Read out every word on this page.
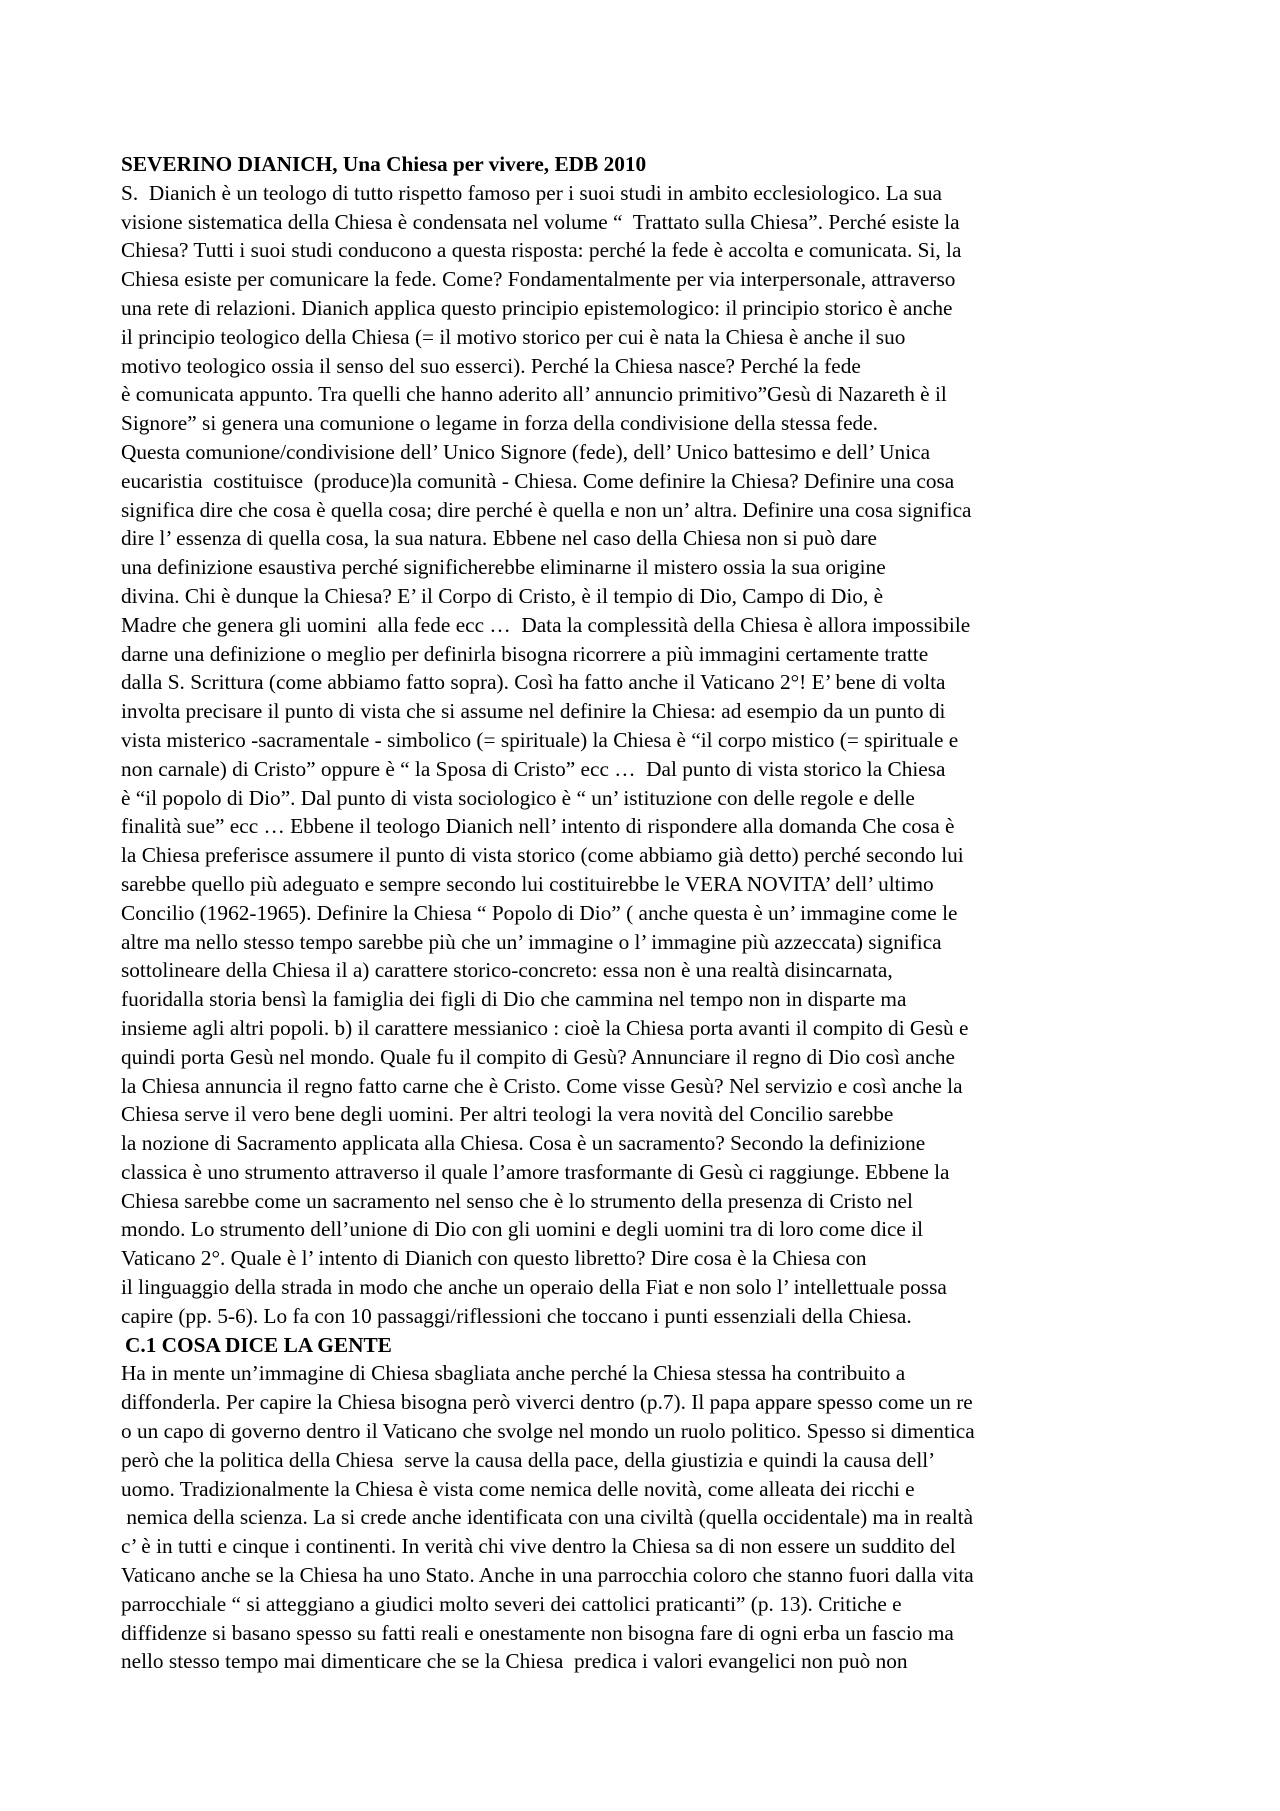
SEVERINO DIANICH, Una Chiesa per vivere, EDB 2010
S.  Dianich è un teologo di tutto rispetto famoso per i suoi studi in ambito ecclesiologico. La sua
visione sistematica della Chiesa è condensata nel volume “  Trattato sulla Chiesa”. Perché esiste la
Chiesa? Tutti i suoi studi conducono a questa risposta: perché la fede è accolta e comunicata. Si, la
Chiesa esiste per comunicare la fede. Come? Fondamentalmente per via interpersonale, attraverso
una rete di relazioni. Dianich applica questo principio epistemologico: il principio storico è anche
il principio teologico della Chiesa (= il motivo storico per cui è nata la Chiesa è anche il suo
motivo teologico ossia il senso del suo esserci). Perché la Chiesa nasce? Perché la fede
è comunicata appunto. Tra quelli che hanno aderito all’ annuncio primitivo”Gesù di Nazareth è il
Signore” si genera una comunione o legame in forza della condivisione della stessa fede.
Questa comunione/condivisione dell’ Unico Signore (fede), dell’ Unico battesimo e dell’ Unica
eucaristia  costituisce  (produce)la comunità - Chiesa. Come definire la Chiesa? Definire una cosa
significa dire che cosa è quella cosa; dire perché è quella e non un’ altra. Definire una cosa significa
dire l’ essenza di quella cosa, la sua natura. Ebbene nel caso della Chiesa non si può dare
una definizione esaustiva perché significherebbe eliminarne il mistero ossia la sua origine
divina. Chi è dunque la Chiesa? E’ il Corpo di Cristo, è il tempio di Dio, Campo di Dio, è
Madre che genera gli uomini  alla fede ecc …  Data la complessità della Chiesa è allora impossibile
darne una definizione o meglio per definirla bisogna ricorrere a più immagini certamente tratte
dalla S. Scrittura (come abbiamo fatto sopra). Così ha fatto anche il Vaticano 2°! E’ bene di volta
involta precisare il punto di vista che si assume nel definire la Chiesa: ad esempio da un punto di
vista misterico -sacramentale - simbolico (= spirituale) la Chiesa è “il corpo mistico (= spirituale e
non carnale) di Cristo” oppure è “ la Sposa di Cristo” ecc …  Dal punto di vista storico la Chiesa
è “il popolo di Dio”. Dal punto di vista sociologico è “ un’ istituzione con delle regole e delle
finalità sue” ecc … Ebbene il teologo Dianich nell’ intento di rispondere alla domanda Che cosa è
la Chiesa preferisce assumere il punto di vista storico (come abbiamo già detto) perché secondo lui
sarebbe quello più adeguato e sempre secondo lui costituirebbe le VERA NOVITA’ dell’ ultimo
Concilio (1962-1965). Definire la Chiesa “ Popolo di Dio” ( anche questa è un’ immagine come le
altre ma nello stesso tempo sarebbe più che un’ immagine o l’ immagine più azzeccata) significa
sottolineare della Chiesa il a) carattere storico-concreto: essa non è una realtà disincarnata,
fuoridalla storia bensì la famiglia dei figli di Dio che cammina nel tempo non in disparte ma
insieme agli altri popoli. b) il carattere messianico : cioè la Chiesa porta avanti il compito di Gesù e
quindi porta Gesù nel mondo. Quale fu il compito di Gesù? Annunciare il regno di Dio così anche
la Chiesa annuncia il regno fatto carne che è Cristo. Come visse Gesù? Nel servizio e così anche la
Chiesa serve il vero bene degli uomini. Per altri teologi la vera novità del Concilio sarebbe
la nozione di Sacramento applicata alla Chiesa. Cosa è un sacramento? Secondo la definizione
classica è uno strumento attraverso il quale l’amore trasformante di Gesù ci raggiunge. Ebbene la
Chiesa sarebbe come un sacramento nel senso che è lo strumento della presenza di Cristo nel
mondo. Lo strumento dell’unione di Dio con gli uomini e degli uomini tra di loro come dice il
Vaticano 2°. Quale è l’ intento di Dianich con questo libretto? Dire cosa è la Chiesa con
il linguaggio della strada in modo che anche un operaio della Fiat e non solo l’ intellettuale possa
capire (pp. 5-6). Lo fa con 10 passaggi/riflessioni che toccano i punti essenziali della Chiesa.
C.1 COSA DICE LA GENTE
Ha in mente un’immagine di Chiesa sbagliata anche perché la Chiesa stessa ha contribuito a
diffonderla. Per capire la Chiesa bisogna però viverci dentro (p.7). Il papa appare spesso come un re
o un capo di governo dentro il Vaticano che svolge nel mondo un ruolo politico. Spesso si dimentica
però che la politica della Chiesa  serve la causa della pace, della giustizia e quindi la causa dell’
uomo. Tradizionalmente la Chiesa è vista come nemica delle novità, come alleata dei ricchi e
nemica della scienza. La si crede anche identificata con una civiltà (quella occidentale) ma in realtà
c’ è in tutti e cinque i continenti. In verità chi vive dentro la Chiesa sa di non essere un suddito del
Vaticano anche se la Chiesa ha uno Stato. Anche in una parrocchia coloro che stanno fuori dalla vita
parrocchiale “ si atteggiano a giudici molto severi dei cattolici praticanti” (p. 13). Critiche e
diffidenze si basano spesso su fatti reali e onestamente non bisogna fare di ogni erba un fascio ma
nello stesso tempo mai dimenticare che se la Chiesa  predica i valori evangelici non può non
